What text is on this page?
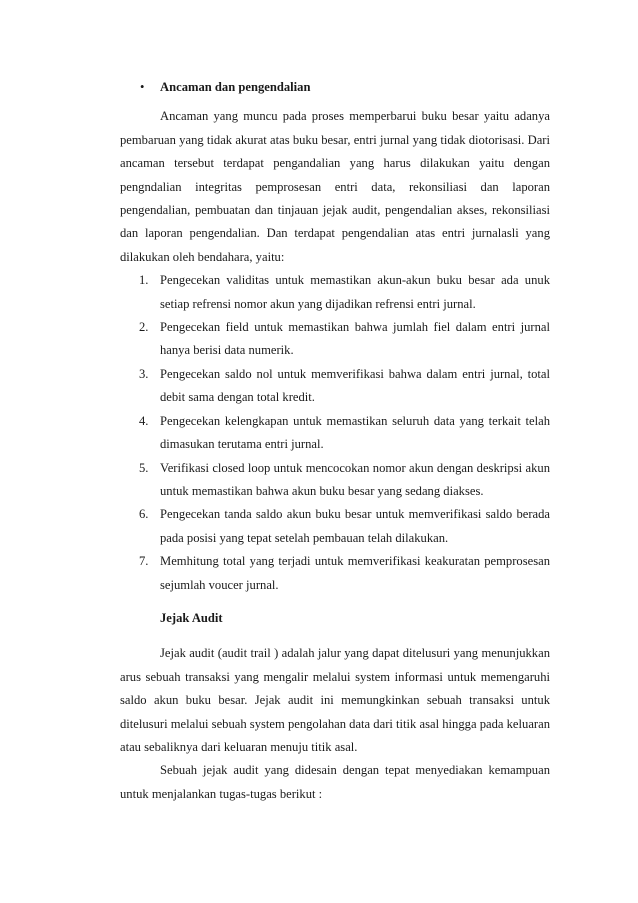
• Ancaman dan pengendalian

Ancaman yang muncu pada proses memperbarui buku besar yaitu adanya pembaruan yang tidak akurat atas buku besar, entri jurnal yang tidak diotorisasi. Dari ancaman tersebut terdapat pengandalian yang harus dilakukan yaitu dengan pengndalian integritas pemprosesan entri data, rekonsiliasi dan laporan pengendalian, pembuatan dan tinjauan jejak audit, pengendalian akses, rekonsiliasi dan laporan pengendalian. Dan terdapat pengendalian atas entri jurnalasli yang dilakukan oleh bendahara, yaitu:

1. Pengecekan validitas untuk memastikan akun-akun buku besar ada unuk setiap refrensi nomor akun yang dijadikan refrensi entri jurnal.
2. Pengecekan field untuk memastikan bahwa jumlah fiel dalam entri jurnal hanya berisi data numerik.
3. Pengecekan saldo nol untuk memverifikasi bahwa dalam entri jurnal, total debit sama dengan total kredit.
4. Pengecekan kelengkapan untuk memastikan seluruh data yang terkait telah dimasukan terutama entri jurnal.
5. Verifikasi closed loop untuk mencocokan nomor akun dengan deskripsi akun untuk memastikan bahwa akun buku besar yang sedang diakses.
6. Pengecekan tanda saldo akun buku besar untuk memverifikasi saldo berada pada posisi yang tepat setelah pembauan telah dilakukan.
7. Memhitung total yang terjadi untuk memverifikasi keakuratan pemprosesan sejumlah voucer jurnal.
Jejak Audit

Jejak audit (audit trail ) adalah jalur yang dapat ditelusuri yang menunjukkan arus sebuah transaksi yang mengalir melalui system informasi untuk memengaruhi saldo akun buku besar. Jejak audit ini memungkinkan sebuah transaksi untuk ditelusuri melalui sebuah system pengolahan data dari titik asal hingga pada keluaran atau sebaliknya dari keluaran menuju titik asal.

Sebuah jejak audit yang didesain dengan tepat menyediakan kemampuan untuk menjalankan tugas-tugas berikut :
